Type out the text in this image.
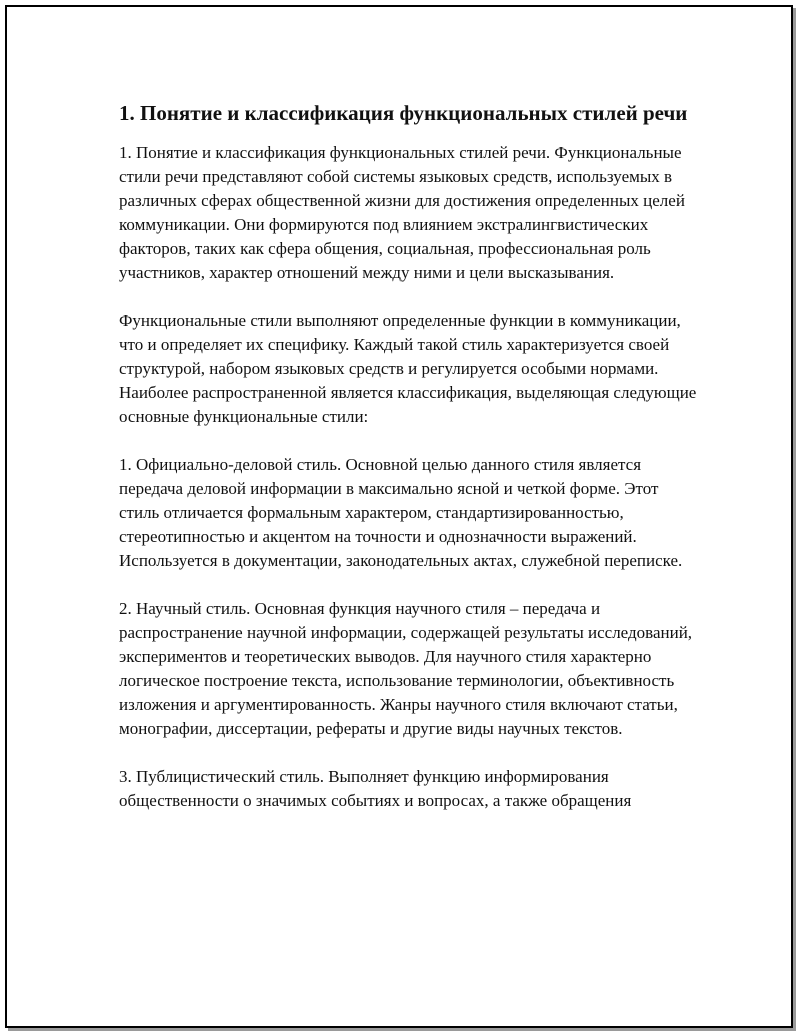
1. Понятие и классификация функциональных стилей речи

1. Понятие и классификация функциональных стилей речи. Функциональные стили речи представляют собой системы языковых средств, используемых в различных сферах общественной жизни для достижения определенных целей коммуникации. Они формируются под влиянием экстралингвистических факторов, таких как сфера общения, социальная, профессиональная роль участников, характер отношений между ними и цели высказывания.

Функциональные стили выполняют определенные функции в коммуникации, что и определяет их специфику. Каждый такой стиль характеризуется своей структурой, набором языковых средств и регулируется особыми нормами. Наиболее распространенной является классификация, выделяющая следующие основные функциональные стили:

1. Официально-деловой стиль. Основной целью данного стиля является передача деловой информации в максимально ясной и четкой форме. Этот стиль отличается формальным характером, стандартизированностью, стереотипностью и акцентом на точности и однозначности выражений. Используется в документации, законодательных актах, служебной переписке.

2. Научный стиль. Основная функция научного стиля – передача и распространение научной информации, содержащей результаты исследований, экспериментов и теоретических выводов. Для научного стиля характерно логическое построение текста, использование терминологии, объективность изложения и аргументированность. Жанры научного стиля включают статьи, монографии, диссертации, рефераты и другие виды научных текстов.

3. Публицистический стиль. Выполняет функцию информирования общественности о значимых событиях и вопросах, а также обращения
